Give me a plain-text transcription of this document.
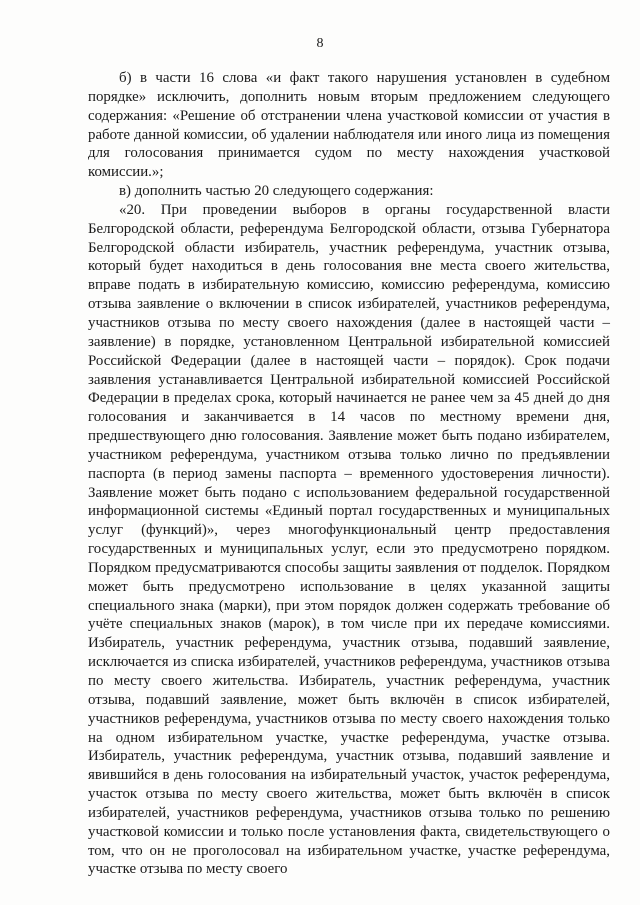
8

б) в части 16 слова «и факт такого нарушения установлен в судебном порядке» исключить, дополнить новым вторым предложением следующего содержания: «Решение об отстранении члена участковой комиссии от участия в работе данной комиссии, об удалении наблюдателя или иного лица из помещения для голосования принимается судом по месту нахождения участковой комиссии.»;

в) дополнить частью 20 следующего содержания:

«20. При проведении выборов в органы государственной власти Белгородской области, референдума Белгородской области, отзыва Губернатора Белгородской области избиратель, участник референдума, участник отзыва, который будет находиться в день голосования вне места своего жительства, вправе подать в избирательную комиссию, комиссию референдума, комиссию отзыва заявление о включении в список избирателей, участников референдума, участников отзыва по месту своего нахождения (далее в настоящей части – заявление) в порядке, установленном Центральной избирательной комиссией Российской Федерации (далее в настоящей части – порядок). Срок подачи заявления устанавливается Центральной избирательной комиссией Российской Федерации в пределах срока, который начинается не ранее чем за 45 дней до дня голосования и заканчивается в 14 часов по местному времени дня, предшествующего дню голосования. Заявление может быть подано избирателем, участником референдума, участником отзыва только лично по предъявлении паспорта (в период замены паспорта – временного удостоверения личности). Заявление может быть подано с использованием федеральной государственной информационной системы «Единый портал государственных и муниципальных услуг (функций)», через многофункциональный центр предоставления государственных и муниципальных услуг, если это предусмотрено порядком. Порядком предусматриваются способы защиты заявления от подделок. Порядком может быть предусмотрено использование в целях указанной защиты специального знака (марки), при этом порядок должен содержать требование об учёте специальных знаков (марок), в том числе при их передаче комиссиями. Избиратель, участник референдума, участник отзыва, подавший заявление, исключается из списка избирателей, участников референдума, участников отзыва по месту своего жительства. Избиратель, участник референдума, участник отзыва, подавший заявление, может быть включён в список избирателей, участников референдума, участников отзыва по месту своего нахождения только на одном избирательном участке, участке референдума, участке отзыва. Избиратель, участник референдума, участник отзыва, подавший заявление и явившийся в день голосования на избирательный участок, участок референдума, участок отзыва по месту своего жительства, может быть включён в список избирателей, участников референдума, участников отзыва только по решению участковой комиссии и только после установления факта, свидетельствующего о том, что он не проголосовал на избирательном участке, участке референдума, участке отзыва по месту своего
